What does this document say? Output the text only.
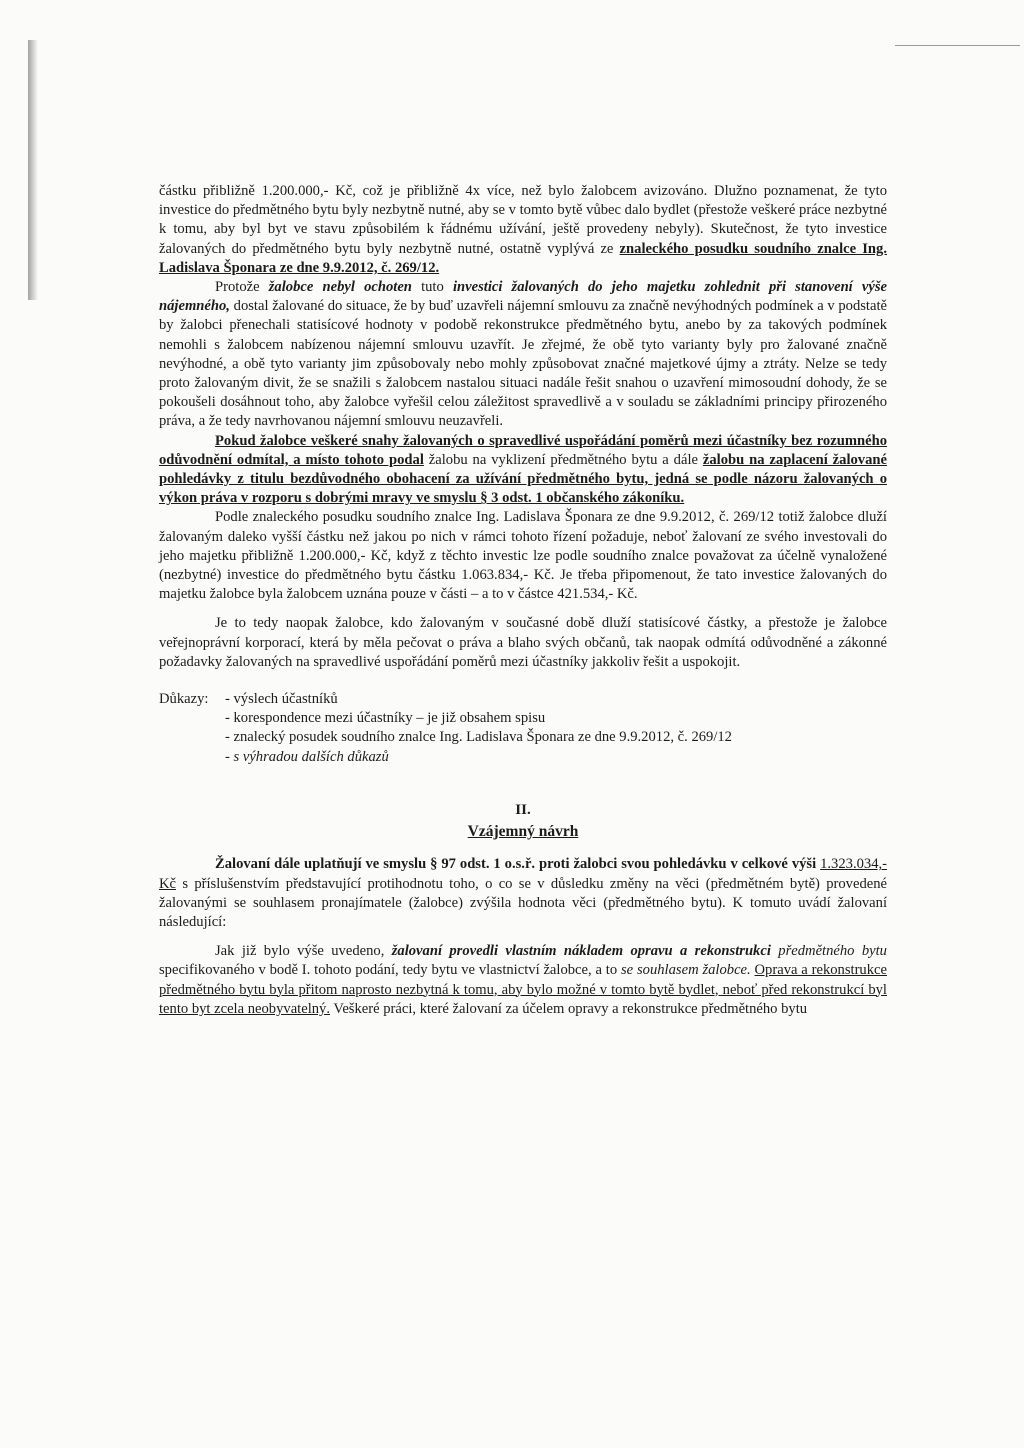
částku přibližně 1.200.000,- Kč, což je přibližně 4x více, než bylo žalobcem avizováno. Dlužno poznamenat, že tyto investice do předmětného bytu byly nezbytně nutné, aby se v tomto bytě vůbec dalo bydlet (přestože veškeré práce nezbytné k tomu, aby byl byt ve stavu způsobilém k řádnému užívání, ještě provedeny nebyly). Skutečnost, že tyto investice žalovaných do předmětného bytu byly nezbytně nutné, ostatně vyplývá ze znaleckého posudku soudního znalce Ing. Ladislava Šponara ze dne 9.9.2012, č. 269/12.

Protože žalobce nebyl ochoten tuto investici žalovaných do jeho majetku zohlednit při stanovení výše nájemného, dostal žalované do situace, že by buď uzavřeli nájemní smlouvu za značně nevýhodných podmínek a v podstatě by žalobci přenechali statisícové hodnoty v podobě rekonstrukce předmětného bytu, anebo by za takových podmínek nemohli s žalobcem nabízenou nájemní smlouvu uzavřít. Je zřejmé, že obě tyto varianty byly pro žalované značně nevýhodné, a obě tyto varianty jim způsobovaly nebo mohly způsobovat značné majetkové újmy a ztráty. Nelze se tedy proto žalovaným divit, že se snažili s žalobcem nastalou situaci nadále řešit snahou o uzavření mimosoudní dohody, že se pokoušeli dosáhnout toho, aby žalobce vyřešil celou záležitost spravedlivě a v souladu se základními principy přirozeného práva, a že tedy navrhovanou nájemní smlouvu neuzavřeli.

Pokud žalobce veškeré snahy žalovaných o spravedlivé uspořádání poměrů mezi účastníky bez rozumného odůvodnění odmítal, a místo tohoto podal žalobu na vyklizení předmětného bytu a dále žalobu na zaplacení žalované pohledávky z titulu bezdůvodného obohacení za užívání předmětného bytu, jedná se podle názoru žalovaných o výkon práva v rozporu s dobrými mravy ve smyslu § 3 odst. 1 občanského zákoníku.

Podle znaleckého posudku soudního znalce Ing. Ladislava Šponara ze dne 9.9.2012, č. 269/12 totiž žalobce dluží žalovaným daleko vyšší částku než jakou po nich v rámci tohoto řízení požaduje, neboť žalovaní ze svého investovali do jeho majetku přibližně 1.200.000,- Kč, když z těchto investic lze podle soudního znalce považovat za účelně vynaložené (nezbytné) investice do předmětného bytu částku 1.063.834,- Kč. Je třeba připomenout, že tato investice žalovaných do majetku žalobce byla žalobcem uznána pouze v části – a to v částce 421.534,- Kč.

Je to tedy naopak žalobce, kdo žalovaným v současné době dluží statisícové částky, a přestože je žalobce veřejnoprávní korporací, která by měla pečovat o práva a blaho svých občanů, tak naopak odmítá odůvodněné a zákonné požadavky žalovaných na spravedlivé uspořádání poměrů mezi účastníky jakkoliv řešit a uspokojit.

Důkazy:	- výslech účastníků
- korespondence mezi účastníky – je již obsahem spisu
- znalecký posudek soudního znalce Ing. Ladislava Šponara ze dne 9.9.2012, č. 269/12
- s výhradou dalších důkazů
II.
Vzájemný návrh

Žalovaní dále uplatňují ve smyslu § 97 odst. 1 o.s.ř. proti žalobci svou pohledávku v celkové výši 1.323.034,- Kč s příslušenstvím představující protihodnotu toho, o co se v důsledku změny na věci (předmětném bytě) provedené žalovanými se souhlasem pronajímatele (žalobce) zvýšila hodnota věci (předmětného bytu). K tomuto uvádí žalovaní následující:

Jak již bylo výše uvedeno, žalovaní provedli vlastním nákladem opravu a rekonstrukci předmětného bytu specifikovaného v bodě I. tohoto podání, tedy bytu ve vlastnictví žalobce, a to se souhlasem žalobce. Oprava a rekonstrukce předmětného bytu byla přitom naprosto nezbytná k tomu, aby bylo možné v tomto bytě bydlet, neboť před rekonstrukcí byl tento byt zcela neobyvatelný. Veškeré práci, které žalovaní za účelem opravy a rekonstrukce předmětného bytu
